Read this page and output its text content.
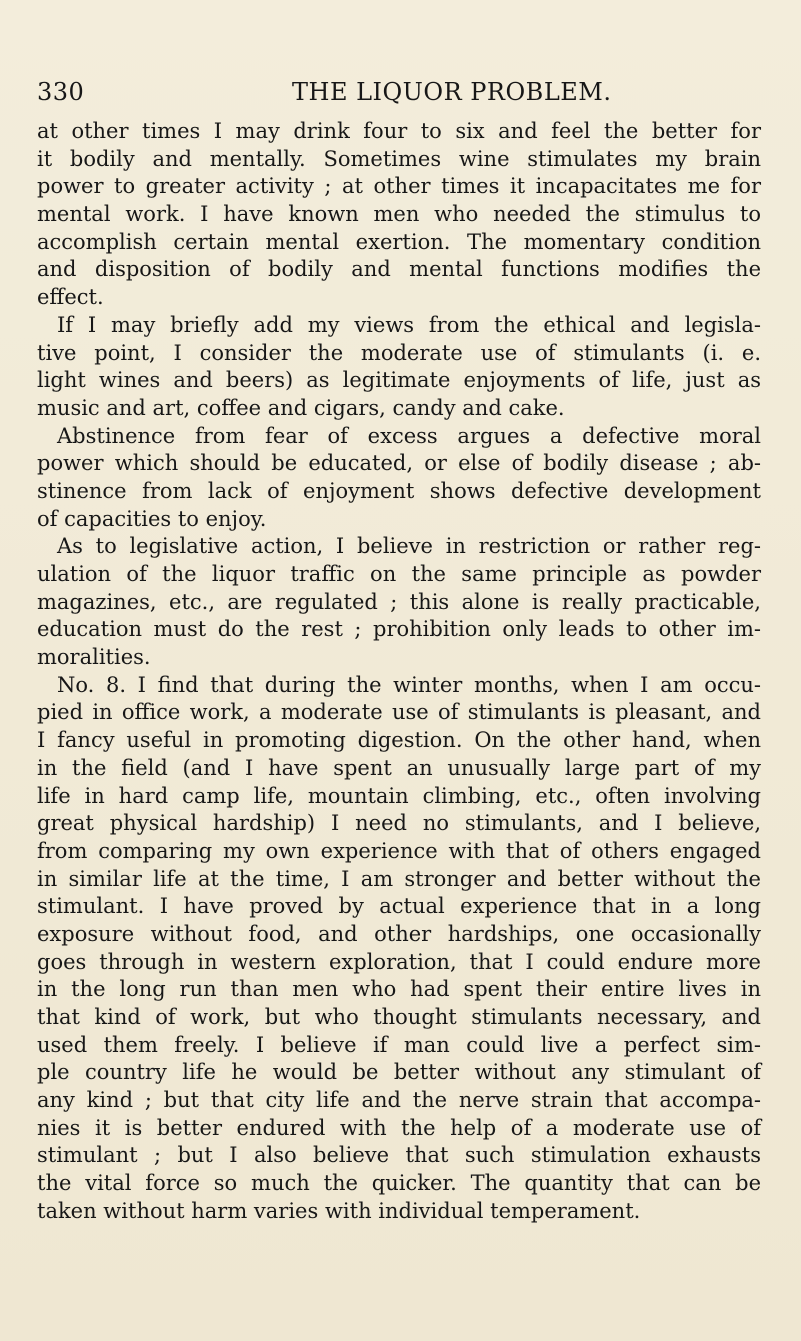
330	THE LIQUOR PROBLEM.
at other times I may drink four to six and feel the better for
it bodily and mentally. Sometimes wine stimulates my brain
power to greater activity ; at other times it incapacitates me for
mental work. I have known men who needed the stimulus to
accomplish certain mental exertion. The momentary condition
and disposition of bodily and mental functions modifies the
effect.
If I may briefly add my views from the ethical and legisla-
tive point, I consider the moderate use of stimulants (i. e.
light wines and beers) as legitimate enjoyments of life, just as
music and art, coffee and cigars, candy and cake.
Abstinence from fear of excess argues a defective moral
power which should be educated, or else of bodily disease ; ab-
stinence from lack of enjoyment shows defective development
of capacities to enjoy.
As to legislative action, I believe in restriction or rather reg-
ulation of the liquor traffic on the same principle as powder
magazines, etc., are regulated ; this alone is really practicable,
education must do the rest ; prohibition only leads to other im-
moralities.
No. 8. I find that during the winter months, when I am occu-
pied in office work, a moderate use of stimulants is pleasant, and
I fancy useful in promoting digestion. On the other hand, when
in the field (and I have spent an unusually large part of my
life in hard camp life, mountain climbing, etc., often involving
great physical hardship) I need no stimulants, and I believe,
from comparing my own experience with that of others engaged
in similar life at the time, I am stronger and better without the
stimulant. I have proved by actual experience that in a long
exposure without food, and other hardships, one occasionally
goes through in western exploration, that I could endure more
in the long run than men who had spent their entire lives in
that kind of work, but who thought stimulants necessary, and
used them freely. I believe if man could live a perfect sim-
ple country life he would be better without any stimulant of
any kind ; but that city life and the nerve strain that accompa-
nies it is better endured with the help of a moderate use of
stimulant ; but I also believe that such stimulation exhausts
the vital force so much the quicker. The quantity that can be
taken without harm varies with individual temperament.
